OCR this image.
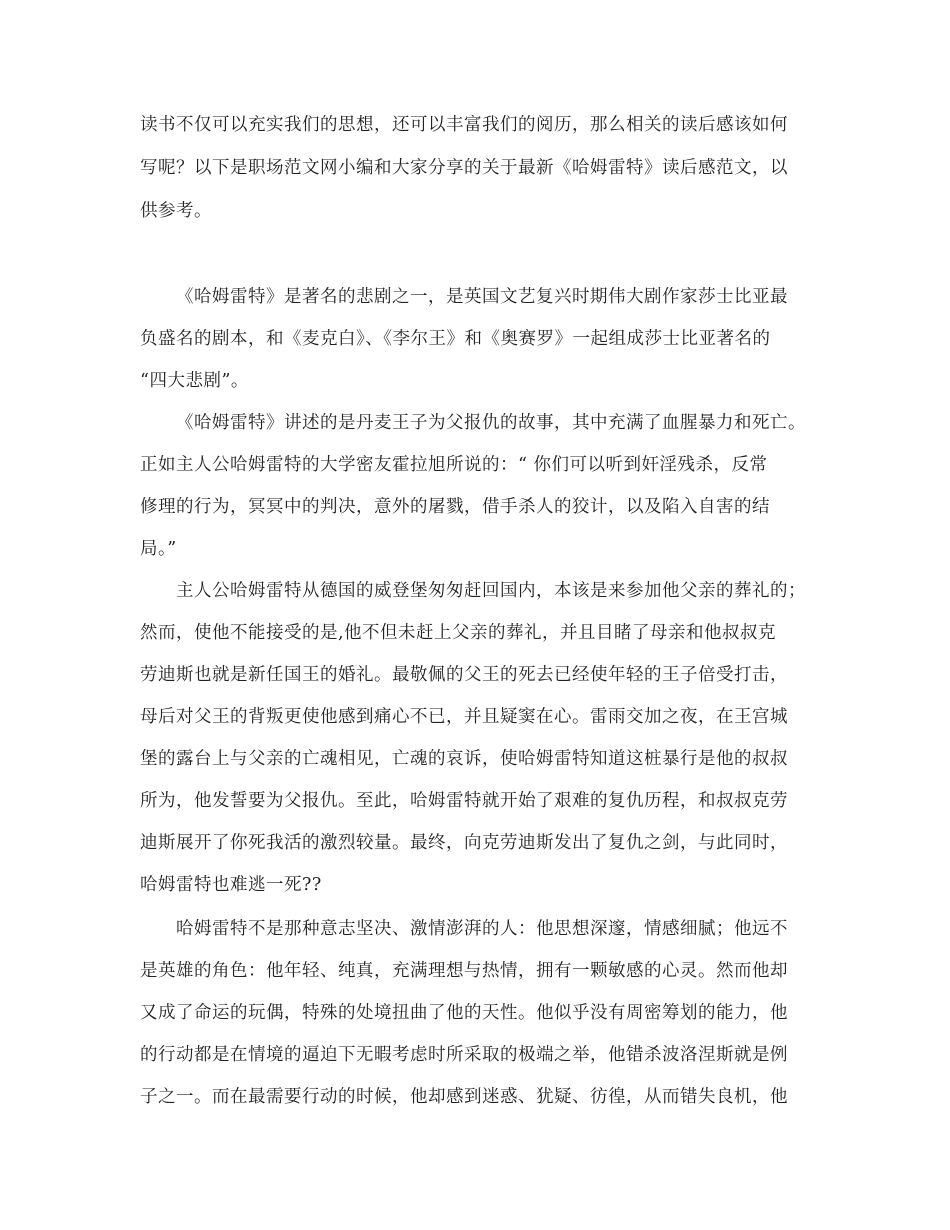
读书不仅可以充实我们的思想，还可以丰富我们的阅历，那么相关的读后感该如何
写呢？以下是职场范文网小编和大家分享的关于最新《哈姆雷特》读后感范文，以
供参考。
《哈姆雷特》是著名的悲剧之一，是英国文艺复兴时期伟大剧作家莎士比亚最
负盛名的剧本，和《麦克白》、《李尔王》和《奥赛罗》一起组成莎士比亚著名的
“四大悲剧”。
《哈姆雷特》讲述的是丹麦王子为父报仇的故事，其中充满了血腥暴力和死亡。
正如主人公哈姆雷特的大学密友霍拉旭所说的：“ 你们可以听到奸淫残杀，反常
修理的行为，冥冥中的判决，意外的屠戮，借手杀人的狡计，以及陷入自害的结
局。”
主人公哈姆雷特从德国的威登堡匆匆赶回国内，本该是来参加他父亲的葬礼的；
然而，使他不能接受的是,他不但未赶上父亲的葬礼，并且目睹了母亲和他叔叔克
劳迪斯也就是新任国王的婚礼。最敬佩的父王的死去已经使年轻的王子倍受打击，
母后对父王的背叛更使他感到痛心不已，并且疑窦在心。雷雨交加之夜，在王宫城
堡的露台上与父亲的亡魂相见，亡魂的哀诉，使哈姆雷特知道这桩暴行是他的叔叔
所为，他发誓要为父报仇。至此，哈姆雷特就开始了艰难的复仇历程，和叔叔克劳
迪斯展开了你死我活的激烈较量。最终，向克劳迪斯发出了复仇之剑，与此同时，
哈姆雷特也难逃一死??
哈姆雷特不是那种意志坚决、激情澎湃的人：他思想深邃，情感细腻；他远不
是英雄的角色：他年轻、纯真，充满理想与热情，拥有一颗敏感的心灵。然而他却
又成了命运的玩偶，特殊的处境扭曲了他的天性。他似乎没有周密筹划的能力，他
的行动都是在情境的逼迫下无暇考虑时所采取的极端之举，他错杀波洛涅斯就是例
子之一。而在最需要行动的时候，他却感到迷惑、犹疑、彷徨，从而错失良机，他
